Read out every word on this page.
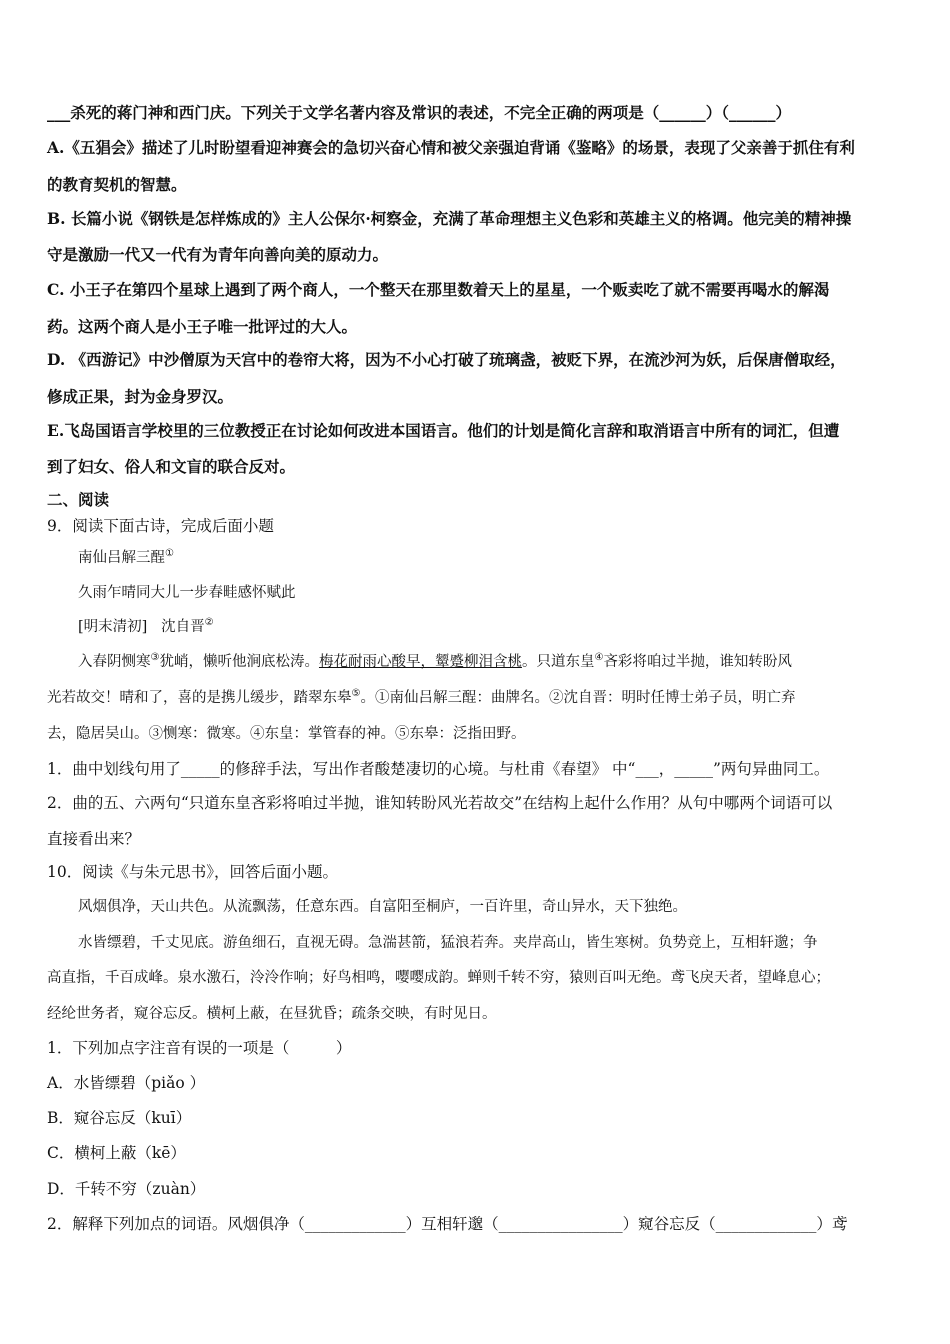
___杀死的蒋门神和西门庆。下列关于文学名著内容及常识的表述，不完全正确的两项是（______）（______）
A.《五猖会》描述了儿时盼望看迎神赛会的急切兴奋心情和被父亲强迫背诵《鉴略》的场景，表现了父亲善于抓住有利
的教育契机的智慧。
B. 长篇小说《钢铁是怎样炼成的》主人公保尔·柯察金，充满了革命理想主义色彩和英雄主义的格调。他完美的精神操
守是激励一代又一代有为青年向善向美的原动力。
C. 小王子在第四个星球上遇到了两个商人，一个整天在那里数着天上的星星，一个贩卖吃了就不需要再喝水的解渴
药。这两个商人是小王子唯一批评过的大人。
D. 《西游记》中沙僧原为天宫中的卷帘大将，因为不小心打破了琉璃盏，被贬下界，在流沙河为妖，后保唐僧取经，
修成正果，封为金身罗汉。
E.飞岛国语言学校里的三位教授正在讨论如何改进本国语言。他们的计划是简化言辞和取消语言中所有的词汇，但遭
到了妇女、俗人和文盲的联合反对。
二、阅读
9．阅读下面古诗，完成后面小题
南仙吕解三酲①
久雨乍晴同大儿一步春畦感怀赋此
[明末清初] 沈自晋②
入春阴恻寒③犹峭，懒听他涧底松涛。梅花耐雨心酸早，颦蹙柳泪含桃。只道东皇④吝彩将咱过半抛，谁知转盼风
光若故交！晴和了，喜的是携儿缓步，踏翠东皋⑤。①南仙吕解三酲：曲牌名。②沈自晋：明时任博士弟子员，明亡弃
去，隐居吴山。③恻寒：微寒。④东皇：掌管春的神。⑤东皋：泛指田野。
1．曲中划线句用了_____的修辞手法，写出作者酸楚凄切的心境。与杜甫《春望》 中“___，_____”两句异曲同工。
2．曲的五、六两句“只道东皇吝彩将咱过半抛，谁知转盼风光若故交”在结构上起什么作用？从句中哪两个词语可以
直接看出来？
10．阅读《与朱元思书》，回答后面小题。
风烟俱净，天山共色。从流飘荡，任意东西。自富阳至桐庐，一百许里，奇山异水，天下独绝。
水皆缥碧，千丈见底。游鱼细石，直视无碍。急湍甚箭，猛浪若奔。夹岸高山，皆生寒树。负势竞上，互相轩邈；争
高直指，千百成峰。泉水激石，泠泠作响；好鸟相鸣，嘤嘤成韵。蝉则千转不穷，猿则百叫无绝。鸢飞戾天者，望峰息心；
经纶世务者，窥谷忘反。横柯上蔽，在昼犹昏；疏条交映，有时见日。
1．下列加点字注音有误的一项是（　　　）
A．水皆缥碧（piǎo ）
B．窥谷忘反（kuī）
C．横柯上蔽（kē）
D．千转不穷（zuàn）
2．解释下列加点的词语。风烟俱净（_____________）互相轩邈（________________）窥谷忘反（_____________）鸢
